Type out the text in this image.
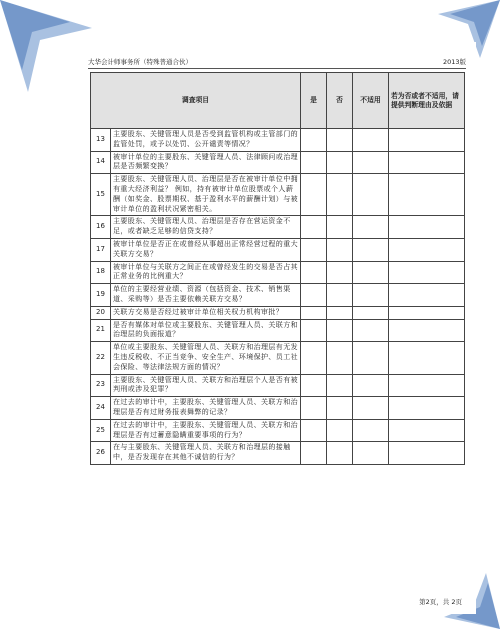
大华会计师事务所（特殊普通合伙）	2013版
调查项目		是	否	不适用	若为否或者不适用，请提供判断理由及依据
13	主要股东、关键管理人员是否受到监管机构或主管部门的监管处罚，或予以处罚、公开谴责等情况？				
14	被审计单位的主要股东、关键管理人员、法律顾问或治理层是否频繁变换？				
15	主要股东、关键管理人员、治理层是否在被审计单位中拥有重大经济利益？ 例如，持有被审计单位股票或个人薪酬（如奖金、股票期权、基于盈利水平的薪酬计划）与被审计单位的盈利状况紧密相关。				
16	主要股东、关键管理人员、治理层是否存在营运资金不足，或者缺乏足够的信贷支持？				
17	被审计单位是否正在或曾经从事超出正常经营过程的重大关联方交易？				
18	被审计单位与关联方之间正在或曾经发生的交易是否占其正常业务的比例重大？				
19	单位的主要经营业绩、资源（包括资金、技术、销售渠道、采购等）是否主要依赖关联方交易？				
20	关联方交易是否经过被审计单位相关权力机构审批？				
21	是否有媒体对单位或主要股东、关键管理人员、关联方和治理层的负面报道？				
22	单位或主要股东、关键管理人员、关联方和治理层有无发生违反税收、不正当竞争、安全生产、环境保护、员工社会保险、等法律法规方面的情况？				
23	主要股东、关键管理人员、关联方和治理层个人是否有被判刑或涉及犯罪？				
24	在过去的审计中，主要股东、关键管理人员、关联方和治理层是否有过财务报表舞弊的记录？				
25	在过去的审计中，主要股东、关键管理人员、关联方和治理层是否有过蓄意隐瞒重要事项的行为？				
26	在与主要股东、关键管理人员、关联方和治理层的接触中，是否发现存在其他不诚信的行为？				
第2页，共 2页
